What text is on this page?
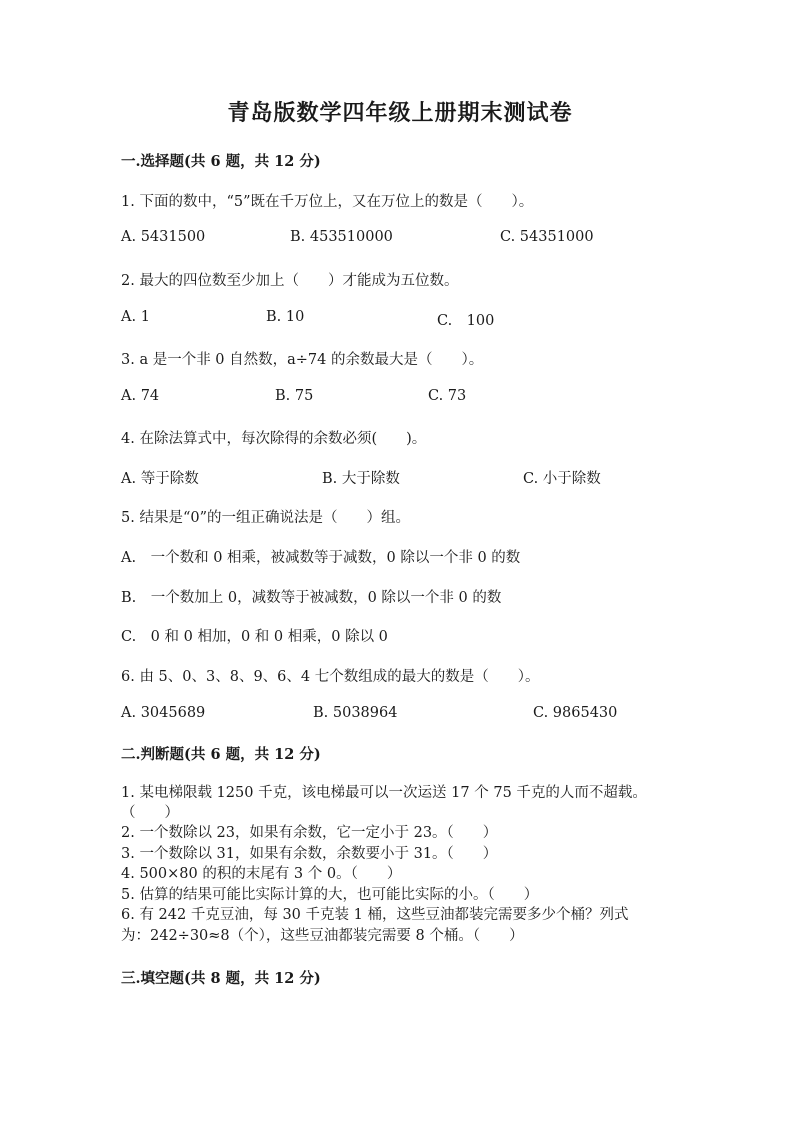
青岛版数学四年级上册期末测试卷
一.选择题(共 6 题，共 12 分)
1. 下面的数中，“5”既在千万位上，又在万位上的数是（　　）。
A. 5431500	B. 453510000	C. 54351000
2. 最大的四位数至少加上（　　）才能成为五位数。
A. 1	B. 10	C.　100
3. a 是一个非 0 自然数，a÷74 的余数最大是（　　）。
A. 74	B. 75	C. 73
4. 在除法算式中，每次除得的余数必须(　　)。
A. 等于除数	B. 大于除数	C. 小于除数
5. 结果是“0”的一组正确说法是（　　）组。
A.　一个数和 0 相乘，被减数等于减数，0 除以一个非 0 的数
B.　一个数加上 0，减数等于被减数，0 除以一个非 0 的数
C.　0 和 0 相加，0 和 0 相乘，0 除以 0
6. 由 5、0、3、8、9、6、4 七个数组成的最大的数是（　　）。
A. 3045689	B. 5038964	C. 9865430
二.判断题(共 6 题，共 12 分)
1. 某电梯限载 1250 千克，该电梯最可以一次运送 17 个 75 千克的人而不超载。
（　　）
2. 一个数除以 23，如果有余数，它一定小于 23。（　　）
3. 一个数除以 31，如果有余数，余数要小于 31。（　　）
4. 500×80 的积的末尾有 3 个 0。（　　）
5. 估算的结果可能比实际计算的大，也可能比实际的小。（　　）
6. 有 242 千克豆油，每 30 千克装 1 桶，这些豆油都装完需要多少个桶？列式
为：242÷30≈8（个），这些豆油都装完需要 8 个桶。（　　）
三.填空题(共 8 题，共 12 分)
